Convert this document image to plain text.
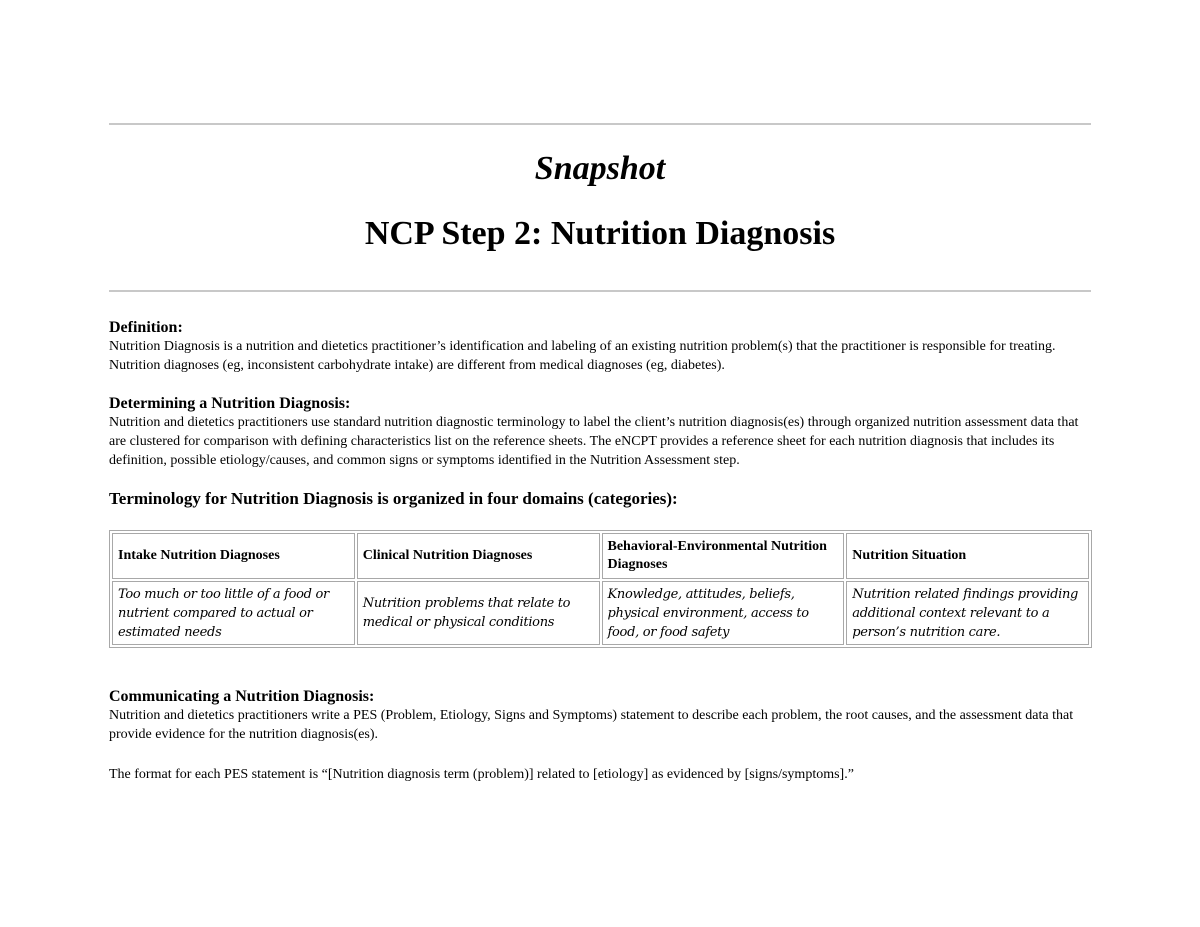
Snapshot
NCP Step 2: Nutrition Diagnosis
Definition:

Nutrition Diagnosis is a nutrition and dietetics practitioner’s identification and labeling of an existing nutrition problem(s) that the practitioner is responsible for treating. Nutrition diagnoses (eg, inconsistent carbohydrate intake) are different from medical diagnoses (eg, diabetes).

Determining a Nutrition Diagnosis:

Nutrition and dietetics practitioners use standard nutrition diagnostic terminology to label the client’s nutrition diagnosis(es) through organized nutrition assessment data that are clustered for comparison with defining characteristics list on the reference sheets. The eNCPT provides a reference sheet for each nutrition diagnosis that includes its definition, possible etiology/causes, and common signs or symptoms identified in the Nutrition Assessment step.

Terminology for Nutrition Diagnosis is organized in four domains (categories):
Intake Nutrition Diagnoses	Clinical Nutrition Diagnoses	Behavioral-Environmental Nutrition Diagnoses	Nutrition Situation
Too much or too little of a food or nutrient compared to actual or estimated needs	Nutrition problems that relate to medical or physical conditions	Knowledge, attitudes, beliefs, physical environment, access to food, or food safety	Nutrition related findings providing additional context relevant to a person’s nutrition care.
Communicating a Nutrition Diagnosis:

Nutrition and dietetics practitioners write a PES (Problem, Etiology, Signs and Symptoms) statement to describe each problem, the root causes, and the assessment data that provide evidence for the nutrition diagnosis(es).

The format for each PES statement is “[Nutrition diagnosis term (problem)] related to [etiology] as evidenced by [signs/symptoms].”
